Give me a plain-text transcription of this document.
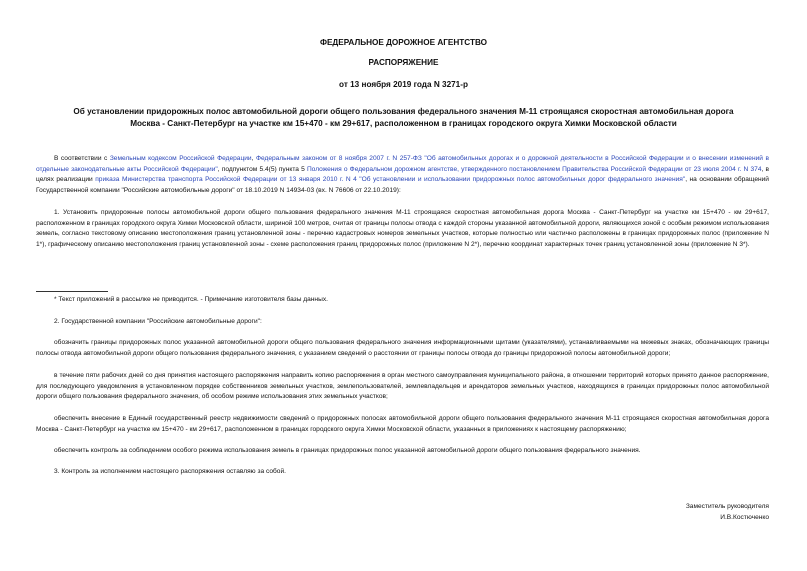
ФЕДЕРАЛЬНОЕ ДОРОЖНОЕ АГЕНТСТВО
РАСПОРЯЖЕНИЕ
от 13 ноября 2019 года N 3271-р
Об установлении придорожных полос автомобильной дороги общего пользования федерального значения М-11 строящаяся скоростная автомобильная дорога
Москва - Санкт-Петербург на участке км 15+470 - км 29+617, расположенном в границах городского округа Химки Московской области
В соответствии с Земельным кодексом Российской Федерации, Федеральным законом от 8 ноября 2007 г. N 257-ФЗ "Об автомобильных дорогах и о дорожной деятельности в Российской Федерации и о внесении изменений в отдельные законодательные акты Российской Федерации", подпунктом 5.4(5) пункта 5 Положения о Федеральном дорожном агентстве, утвержденного постановлением Правительства Российской Федерации от 23 июля 2004 г. N 374, в целях реализации приказа Министерства транспорта Российской Федерации от 13 января 2010 г. N 4 "Об установлении и использовании придорожных полос автомобильных дорог федерального значения", на основании обращений Государственной компании "Российские автомобильные дороги" от 18.10.2019 N 14934-03 (вх. N 76606 от 22.10.2019):
1. Установить придорожные полосы автомобильной дороги общего пользования федерального значения М-11 строящаяся скоростная автомобильная дорога Москва - Санкт-Петербург на участке км 15+470 - км 29+617, расположенном в границах городского округа Химки Московской области, шириной 100 метров, считая от границы полосы отвода с каждой стороны указанной автомобильной дороги, являющихся зоной с особым режимом использования земель, согласно текстовому описанию местоположения границ установленной зоны - перечню кадастровых номеров земельных участков, которые полностью или частично расположены в границах придорожных полос (приложение N 1*), графическому описанию местоположения границ установленной зоны - схеме расположения границ придорожных полос (приложение N 2*), перечню координат характерных точек границ установленной зоны (приложение N 3*).
* Текст приложений в рассылке не приводится. - Примечание изготовителя базы данных.
2. Государственной компании "Российские автомобильные дороги":
обозначить границы придорожных полос указанной автомобильной дороги общего пользования федерального значения информационными щитами (указателями), устанавливаемыми на межевых знаках, обозначающих границы полосы отвода автомобильной дороги общего пользования федерального значения, с указанием сведений о расстоянии от границы полосы отвода до границы придорожной полосы автомобильной дороги;
в течение пяти рабочих дней со дня принятия настоящего распоряжения направить копию распоряжения в орган местного самоуправления муниципального района, в отношении территорий которых принято данное распоряжение, для последующего уведомления в установленном порядке собственников земельных участков, землепользователей, землевладельцев и арендаторов земельных участков, находящихся в границах придорожных полос автомобильной дороги общего пользования федерального значения, об особом режиме использования этих земельных участков;
обеспечить внесение в Единый государственный реестр недвижимости сведений о придорожных полосах автомобильной дороги общего пользования федерального значения М-11 строящаяся скоростная автомобильная дорога Москва - Санкт-Петербург на участке км 15+470 - км 29+617, расположенном в границах городского округа Химки Московской области, указанных в приложениях к настоящему распоряжению;
обеспечить контроль за соблюдением особого режима использования земель в границах придорожных полос указанной автомобильной дороги общего пользования федерального значения.
3. Контроль за исполнением настоящего распоряжения оставляю за собой.
Заместитель руководителя
И.В.Костюченко
